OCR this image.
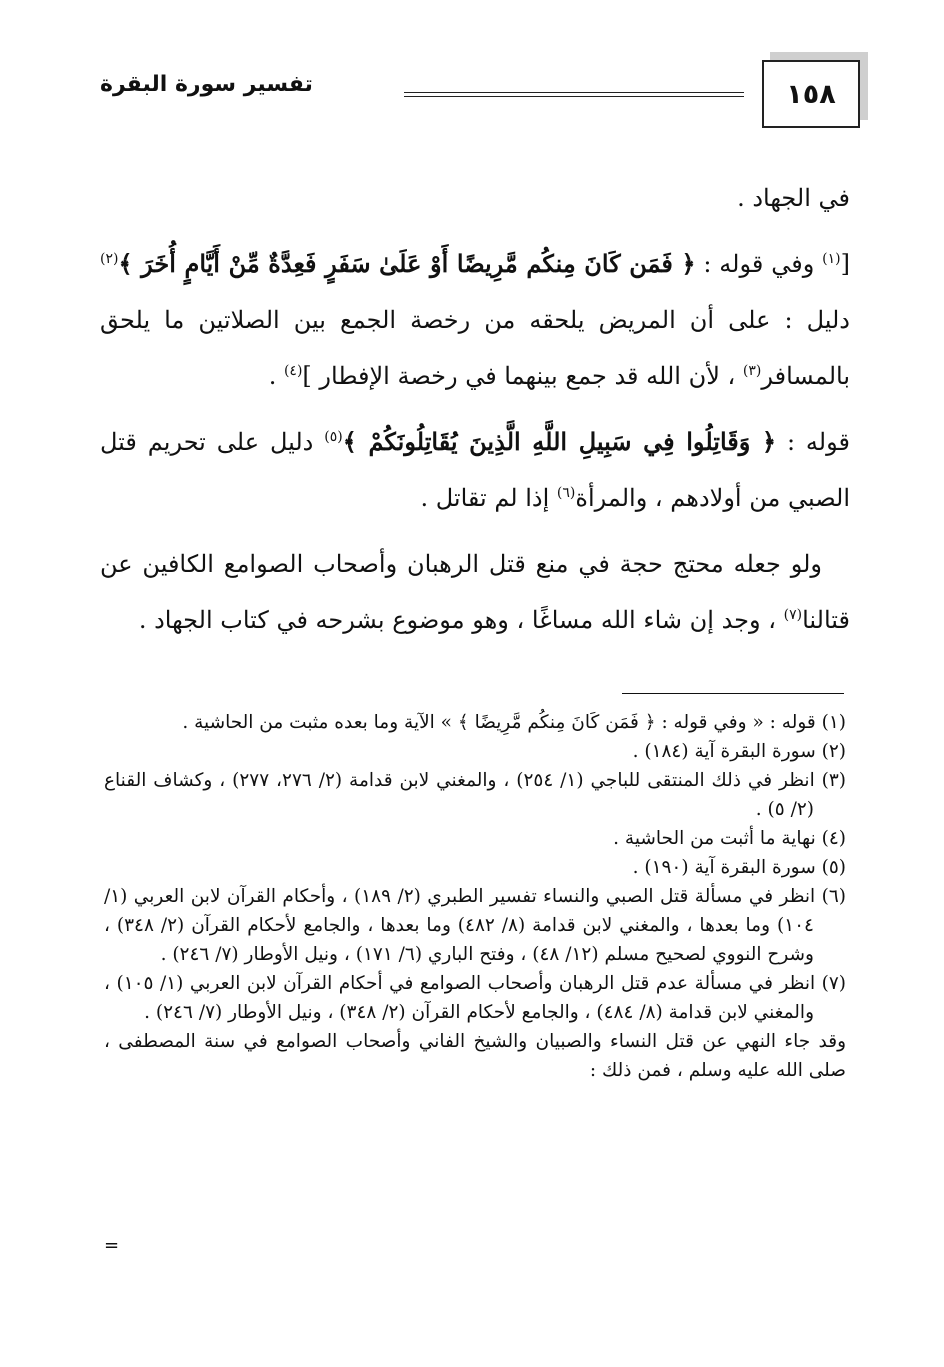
١٥٨
تفسير سورة البقرة

في الجهاد .

[$^{(١)}$ وفي قوله : ﴿ فَمَن كَانَ مِنكُم مَّرِيضًا أَوْ عَلَىٰ سَفَرٍ فَعِدَّةٌ مِّنْ أَيَّامٍ أُخَرَ ﴾$^{(٢)}$ دليل : على أن المريض يلحقه من رخصة الجمع بين الصلاتين ما يلحق بالمسافر$^{(٣)}$ ، لأن الله قد جمع بينهما في رخصة الإفطار ]$^{(٤)}$ .

قوله : ﴿ وَقَاتِلُوا فِي سَبِيلِ اللَّهِ الَّذِينَ يُقَاتِلُونَكُمْ ﴾$^{(٥)}$ دليل على تحريم قتل الصبي من أولادهم ، والمرأة$^{(٦)}$ إذا لم تقاتل .

ولو جعله محتج حجة في منع قتل الرهبان وأصحاب الصوامع الكافين عن قتالنا$^{(٧)}$ ، وجد إن شاء الله مساغًا ، وهو موضوع بشرحه في كتاب الجهاد .

(١) قوله : « وفي قوله : ﴿ فَمَن كَانَ مِنكُم مَّرِيضًا ﴾ » الآية وما بعده مثبت من الحاشية .

(٢) سورة البقرة آية (١٨٤) .

(٣) انظر في ذلك المنتقى للباجي (١/ ٢٥٤) ، والمغني لابن قدامة (٢/ ٢٧٦، ٢٧٧) ، وكشاف القناع (٢/ ٥) .

(٤) نهاية ما أثبت من الحاشية .

(٥) سورة البقرة آية (١٩٠) .

(٦) انظر في مسألة قتل الصبي والنساء تفسير الطبري (٢/ ١٨٩) ، وأحكام القرآن لابن العربي (١/ ١٠٤) وما بعدها ، والمغني لابن قدامة (٨/ ٤٨٢) وما بعدها ، والجامع لأحكام القرآن (٢/ ٣٤٨) ، وشرح النووي لصحيح مسلم (١٢/ ٤٨) ، وفتح الباري (٦/ ١٧١) ، ونيل الأوطار (٧/ ٢٤٦) .

(٧) انظر في مسألة عدم قتل الرهبان وأصحاب الصوامع في أحكام القرآن لابن العربي (١/ ١٠٥) ، والمغني لابن قدامة (٨/ ٤٨٤) ، والجامع لأحكام القرآن (٢/ ٣٤٨) ، ونيل الأوطار (٧/ ٢٤٦) .

وقد جاء النهي عن قتل النساء والصبيان والشيخ الفاني وأصحاب الصوامع في سنة المصطفى ، صلى الله عليه وسلم ، فمن ذلك :

=
